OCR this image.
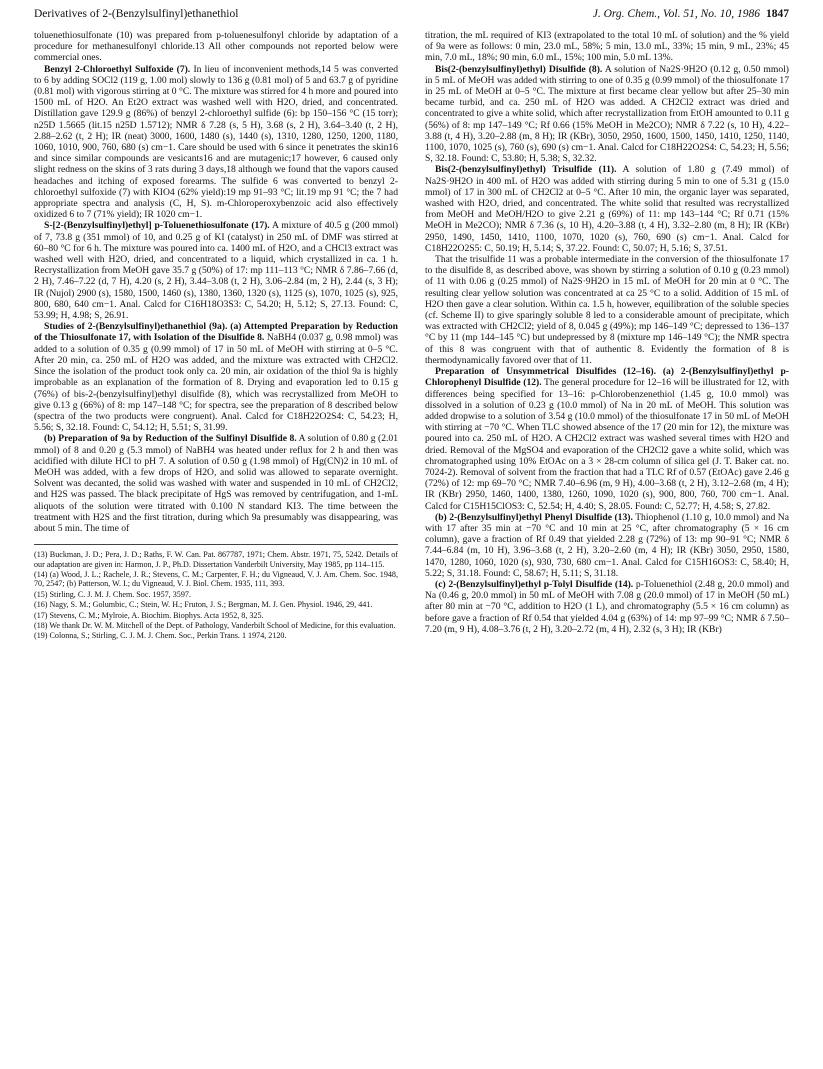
Derivatives of 2-(Benzylsulfinyl)ethanethiol	J. Org. Chem., Vol. 51, No. 10, 1986 1847

toluenethiosulfonate (10) was prepared from p-toluenesulfonyl chloride by adaptation of a procedure for methanesulfonyl chloride.13 All other compounds not reported below were commercial ones.

Benzyl 2-Chloroethyl Sulfoxide (7). In lieu of inconvenient methods,14 5 was converted to 6 by adding SOCl2 (119 g, 1.00 mol) slowly to 136 g (0.81 mol) of 5 and 63.7 g of pyridine (0.81 mol) with vigorous stirring at 0 °C. The mixture was stirred for 4 h more and poured into 1500 mL of H2O. An Et2O extract was washed well with H2O, dried, and concentrated. Distillation gave 129.9 g (86%) of benzyl 2-chloroethyl sulfide (6): bp 150–156 °C (15 torr); n25D 1.5665 (lit.15 n25D 1.5712); NMR δ 7.28 (s, 5 H), 3.68 (s, 2 H), 3.64–3.40 (t, 2 H), 2.88–2.62 (t, 2 H); IR (neat) 3000, 1600, 1480 (s), 1440 (s), 1310, 1280, 1250, 1200, 1180, 1060, 1010, 900, 760, 680 (s) cm−1. Care should be used with 6 since it penetrates the skin16 and since similar compounds are vesicants16 and are mutagenic;17 however, 6 caused only slight redness on the skins of 3 rats during 3 days,18 although we found that the vapors caused headaches and itching of exposed forearms. The sulfide 6 was converted to benzyl 2-chloroethyl sulfoxide (7) with KIO4 (62% yield):19 mp 91–93 °C; lit.19 mp 91 °C; the 7 had appropriate spectra and analysis (C, H, S). m-Chloroperoxybenzoic acid also effectively oxidized 6 to 7 (71% yield); IR 1020 cm−1.

S-[2-(Benzylsulfinyl)ethyl] p-Toluenethiosulfonate (17). A mixture of 40.5 g (200 mmol) of 7, 73.8 g (351 mmol) of 10, and 0.25 g of KI (catalyst) in 250 mL of DMF was stirred at 60–80 °C for 6 h. The mixture was poured into ca. 1400 mL of H2O, and a CHCl3 extract was washed well with H2O, dried, and concentrated to a liquid, which crystallized in ca. 1 h. Recrystallization from MeOH gave 35.7 g (50%) of 17: mp 111–113 °C; NMR δ 7.86–7.66 (d, 2 H), 7.46–7.22 (d, 7 H), 4.20 (s, 2 H), 3.44–3.08 (t, 2 H), 3.06–2.84 (m, 2 H), 2.44 (s, 3 H); IR (Nujol) 2900 (s), 1580, 1500, 1460 (s), 1380, 1360, 1320 (s), 1125 (s), 1070, 1025 (s), 925, 800, 680, 640 cm−1. Anal. Calcd for C16H18O3S3: C, 54.20; H, 5.12; S, 27.13. Found: C, 53.99; H, 4.98; S, 26.91.

Studies of 2-(Benzylsulfinyl)ethanethiol (9a). (a) Attempted Preparation by Reduction of the Thiosulfonate 17, with Isolation of the Disulfide 8. NaBH4 (0.037 g, 0.98 mmol) was added to a solution of 0.35 g (0.99 mmol) of 17 in 50 mL of MeOH with stirring at 0–5 °C. After 20 min, ca. 250 mL of H2O was added, and the mixture was extracted with CH2Cl2. Since the isolation of the product took only ca. 20 min, air oxidation of the thiol 9a is highly improbable as an explanation of the formation of 8. Drying and evaporation led to 0.15 g (76%) of bis-2-(benzylsulfinyl)ethyl disulfide (8), which was recrystallized from MeOH to give 0.13 g (66%) of 8: mp 147–148 °C; for spectra, see the preparation of 8 described below (spectra of the two products were congruent). Anal. Calcd for C18H22O2S4: C, 54.23; H, 5.56; S, 32.18. Found: C, 54.12; H, 5.51; S, 31.99.

(b) Preparation of 9a by Reduction of the Sulfinyl Disulfide 8. A solution of 0.80 g (2.01 mmol) of 8 and 0.20 g (5.3 mmol) of NaBH4 was heated under reflux for 2 h and then was acidified with dilute HCl to pH 7. A solution of 0.50 g (1.98 mmol) of Hg(CN)2 in 10 mL of MeOH was added, with a few drops of H2O, and solid was allowed to separate overnight. Solvent was decanted, the solid was washed with water and suspended in 10 mL of CH2Cl2, and H2S was passed. The black precipitate of HgS was removed by centrifugation, and 1-mL aliquots of the solution were titrated with 0.100 N standard KI3. The time between the treatment with H2S and the first titration, during which 9a presumably was disappearing, was about 5 min. The time of

(13) Buckman, J. D.; Pera, J. D.; Raths, F. W. Can. Pat. 867787, 1971; Chem. Abstr. 1971, 75, 5242. Details of our adaptation are given in: Harmon, J. P., Ph.D. Dissertation Vanderbilt University, May 1985, pp 114–115.

(14) (a) Wood, J. L.; Rachele, J. R.; Stevens, C. M.; Carpenter, F. H.; du Vigneaud, V. J. Am. Chem. Soc. 1948, 70, 2547; (b) Patterson, W. I.; du Vigneaud, V. J. Biol. Chem. 1935, 111, 393.

(15) Stirling, C. J. M. J. Chem. Soc. 1957, 3597.

(16) Nagy, S. M.; Golumbic, C.; Stein, W. H.; Fruton, J. S.; Bergman, M. J. Gen. Physiol. 1946, 29, 441.

(17) Stevens, C. M.; Mylroie, A. Biochim. Biophys. Acta 1952, 8, 325.

(18) We thank Dr. W. M. Mitchell of the Dept. of Pathology, Vanderbilt School of Medicine, for this evaluation.

(19) Colonna, S.; Stirling, C. J. M. J. Chem. Soc., Perkin Trans. 1 1974, 2120.

titration, the mL required of KI3 (extrapolated to the total 10 mL of solution) and the % yield of 9a were as follows: 0 min, 23.0 mL, 58%; 5 min, 13.0 mL, 33%; 15 min, 9 mL, 23%; 45 min, 7.0 mL, 18%; 90 min, 6.0 mL, 15%; 100 min, 5.0 mL 13%.

Bis(2-(benzylsulfinyl)ethyl) Disulfide (8). A solution of Na2S·9H2O (0.12 g, 0.50 mmol) in 5 mL of MeOH was added with stirring to one of 0.35 g (0.99 mmol) of the thiosulfonate 17 in 25 mL of MeOH at 0–5 °C. The mixture at first became clear yellow but after 25–30 min became turbid, and ca. 250 mL of H2O was added. A CH2Cl2 extract was dried and concentrated to give a white solid, which after recrystallization from EtOH amounted to 0.11 g (56%) of 8: mp 147–149 °C; Rf 0.66 (15% MeOH in Me2CO); NMR δ 7.22 (s, 10 H), 4.22–3.88 (t, 4 H), 3.20–2.88 (m, 8 H); IR (KBr), 3050, 2950, 1600, 1500, 1450, 1410, 1250, 1140, 1100, 1070, 1025 (s), 760 (s), 690 (s) cm−1. Anal. Calcd for C18H22O2S4: C, 54.23; H, 5.56; S, 32.18. Found: C, 53.80; H, 5.38; S, 32.32.

Bis(2-(benzylsulfinyl)ethyl) Trisulfide (11). A solution of 1.80 g (7.49 mmol) of Na2S·9H2O in 400 mL of H2O was added with stirring during 5 min to one of 5.31 g (15.0 mmol) of 17 in 300 mL of CH2Cl2 at 0–5 °C. After 10 min, the organic layer was separated, washed with H2O, dried, and concentrated. The white solid that resulted was recrystallized from MeOH and MeOH/H2O to give 2.21 g (69%) of 11: mp 143–144 °C; Rf 0.71 (15% MeOH in Me2CO); NMR δ 7.36 (s, 10 H), 4.20–3.88 (t, 4 H), 3.32–2.80 (m, 8 H); IR (KBr) 2950, 1490, 1450, 1410, 1100, 1070, 1020 (s), 760, 690 (s) cm−1. Anal. Calcd for C18H22O2S5: C, 50.19; H, 5.14; S, 37.22. Found: C, 50.07; H, 5.16; S, 37.51.

That the trisulfide 11 was a probable intermediate in the conversion of the thiosulfonate 17 to the disulfide 8, as described above, was shown by stirring a solution of 0.10 g (0.23 mmol) of 11 with 0.06 g (0.25 mmol) of Na2S·9H2O in 15 mL of MeOH for 20 min at 0 °C. The resulting clear yellow solution was concentrated at ca 25 °C to a solid. Addition of 15 mL of H2O then gave a clear solution. Within ca. 1.5 h, however, equilibration of the soluble species (cf. Scheme II) to give sparingly soluble 8 led to a considerable amount of precipitate, which was extracted with CH2Cl2; yield of 8, 0.045 g (49%); mp 146–149 °C; depressed to 136–137 °C by 11 (mp 144–145 °C) but undepressed by 8 (mixture mp 146–149 °C); the NMR spectra of this 8 was congruent with that of authentic 8. Evidently the formation of 8 is thermodynamically favored over that of 11.

Preparation of Unsymmetrical Disulfides (12–16). (a) 2-(Benzylsulfinyl)ethyl p-Chlorophenyl Disulfide (12). The general procedure for 12–16 will be illustrated for 12, with differences being specified for 13–16: p-Chlorobenzenethiol (1.45 g, 10.0 mmol) was dissolved in a solution of 0.23 g (10.0 mmol) of Na in 20 mL of MeOH. This solution was added dropwise to a solution of 3.54 g (10.0 mmol) of the thiosulfonate 17 in 50 mL of MeOH with stirring at −70 °C. When TLC showed absence of the 17 (20 min for 12), the mixture was poured into ca. 250 mL of H2O. A CH2Cl2 extract was washed several times with H2O and dried. Removal of the MgSO4 and evaporation of the CH2Cl2 gave a white solid, which was chromatographed using 10% EtOAc on a 3 × 28-cm column of silica gel (J. T. Baker cat. no. 7024-2). Removal of solvent from the fraction that had a TLC Rf of 0.57 (EtOAc) gave 2.46 g (72%) of 12: mp 69–70 °C; NMR 7.40–6.96 (m, 9 H), 4.00–3.68 (t, 2 H), 3.12–2.68 (m, 4 H); IR (KBr) 2950, 1460, 1400, 1380, 1260, 1090, 1020 (s), 900, 800, 760, 700 cm−1. Anal. Calcd for C15H15ClOS3: C, 52.54; H, 4.40; S, 28.05. Found: C, 52.77; H, 4.58; S, 27.82.

(b) 2-(Benzylsulfinyl)ethyl Phenyl Disulfide (13). Thiophenol (1.10 g, 10.0 mmol) and Na with 17 after 35 min at −70 °C and 10 min at 25 °C, after chromatography (5 × 16 cm column), gave a fraction of Rf 0.49 that yielded 2.28 g (72%) of 13: mp 90–91 °C; NMR δ 7.44–6.84 (m, 10 H), 3.96–3.68 (t, 2 H), 3.20–2.60 (m, 4 H); IR (KBr) 3050, 2950, 1580, 1470, 1280, 1060, 1020 (s), 930, 730, 680 cm−1. Anal. Calcd for C15H16OS3: C, 58.40; H, 5.22; S, 31.18. Found: C, 58.67; H, 5.11; S, 31.18.

(c) 2-(Benzylsulfinyl)ethyl p-Tolyl Disulfide (14). p-Toluenethiol (2.48 g, 20.0 mmol) and Na (0.46 g, 20.0 mmol) in 50 mL of MeOH with 7.08 g (20.0 mmol) of 17 in MeOH (50 mL) after 80 min at −70 °C, addition to H2O (1 L), and chromatography (5.5 × 16 cm column) as before gave a fraction of Rf 0.54 that yielded 4.04 g (63%) of 14: mp 97–99 °C; NMR δ 7.50–7.20 (m, 9 H), 4.08–3.76 (t, 2 H), 3.20–2.72 (m, 4 H), 2.32 (s, 3 H); IR (KBr)
